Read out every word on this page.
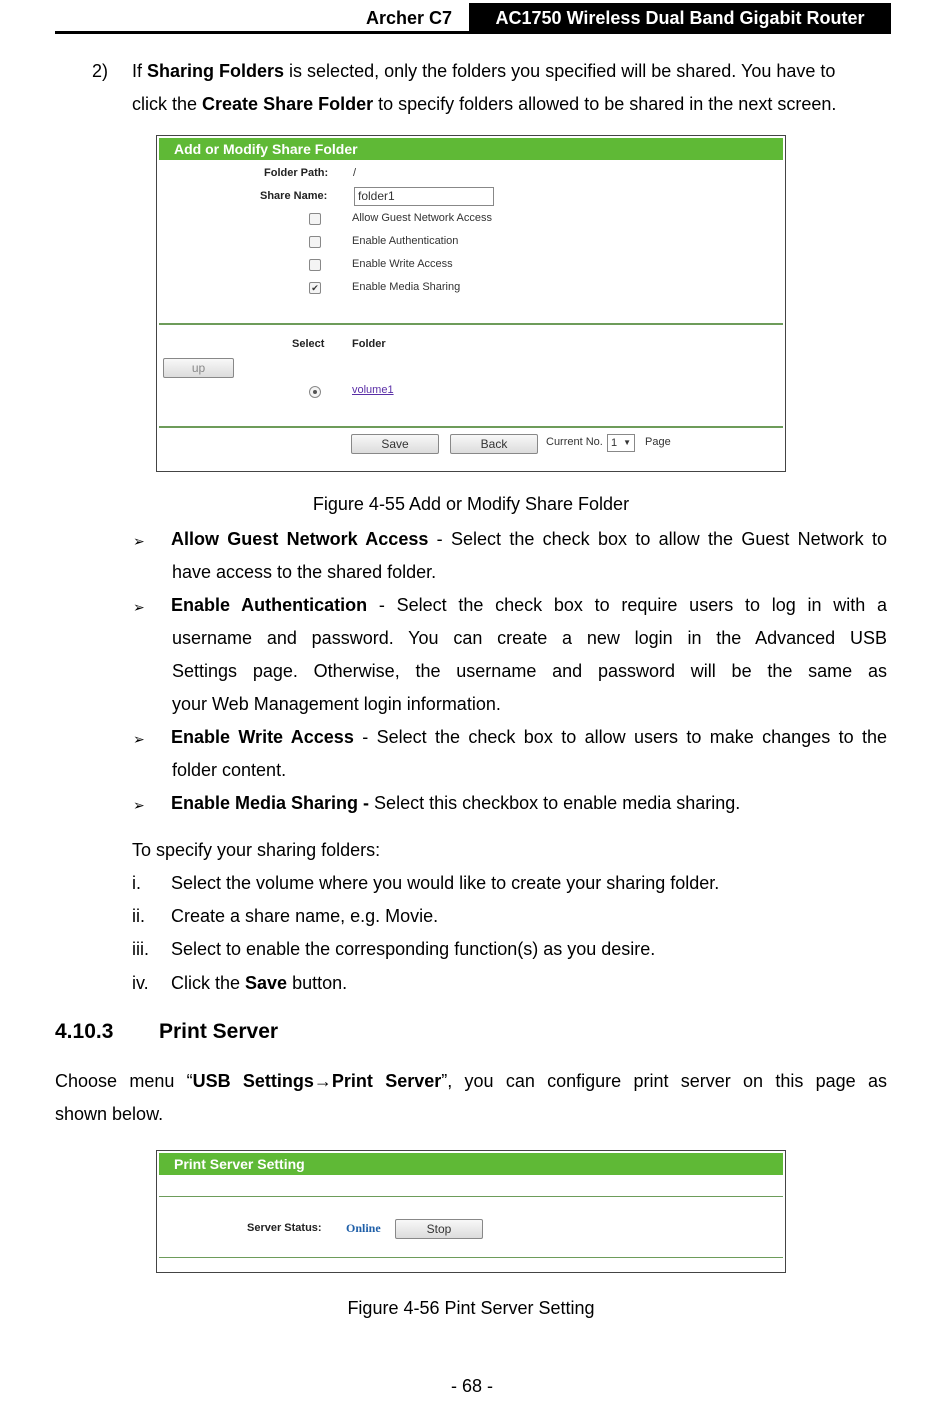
Archer C7 AC1750 Wireless Dual Band Gigabit Router
2) If Sharing Folders is selected, only the folders you specified will be shared. You have to
click the Create Share Folder to specify folders allowed to be shared in the next screen.
Add or Modify Share Folder
Folder Path: /
Share Name:	folder1
Allow Guest Network Access
Enable Authentication
Enable Write Access
✔	Enable Media Sharing
Select	Folder
up
volume1
Save	Back	Current No. 1 ▼ Page
Figure 4-55 Add or Modify Share Folder
➢ Allow Guest Network Access - Select the check box to allow the Guest Network to
have access to the shared folder.
➢ Enable Authentication - Select the check box to require users to log in with a
username and password. You can create a new login in the Advanced USB
Settings page. Otherwise, the username and password will be the same as
your Web Management login information.
➢ Enable Write Access - Select the check box to allow users to make changes to the
folder content.
➢ Enable Media Sharing - Select this checkbox to enable media sharing.
To specify your sharing folders:
i. Select the volume where you would like to create your sharing folder.
ii. Create a share name, e.g. Movie.
iii. Select to enable the corresponding function(s) as you desire.
iv. Click the Save button.
4.10.3 Print Server
Choose menu “USB Settings→Print Server”, you can configure print server on this page as
shown below.
Print Server Setting
Server Status: Online	Stop
Figure 4-56 Pint Server Setting
- 68 -
